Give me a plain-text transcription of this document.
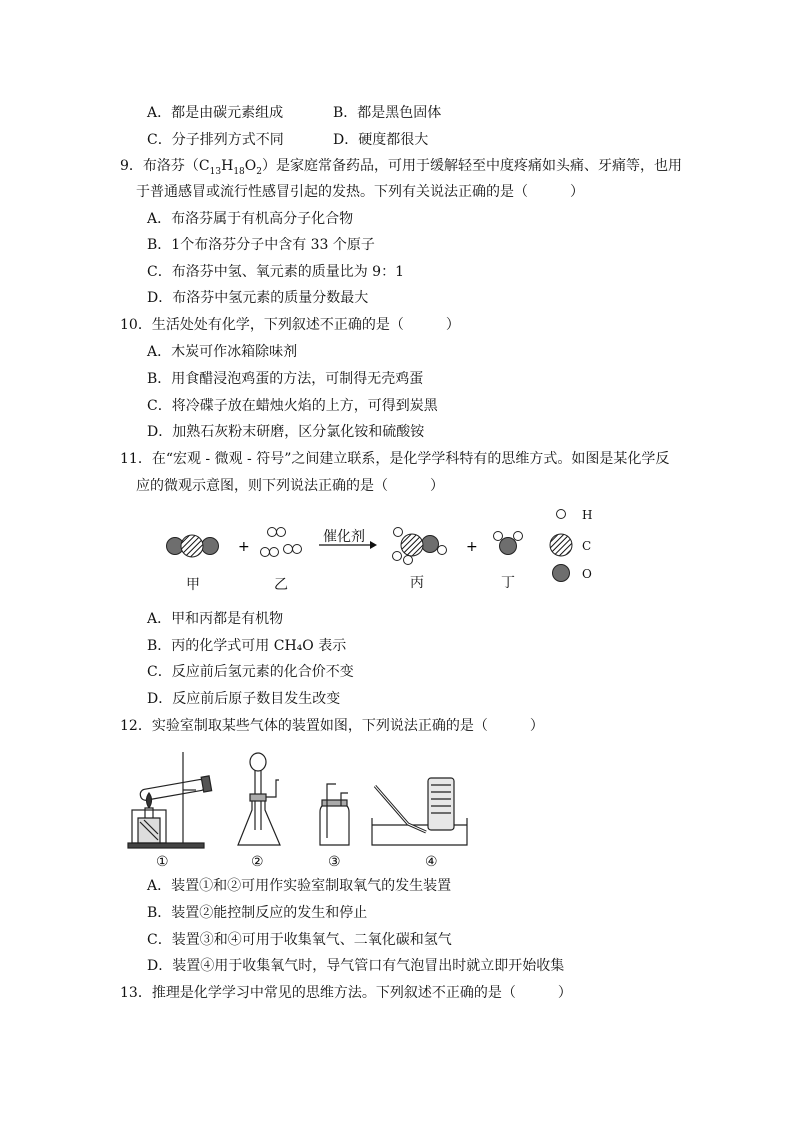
A．都是由碳元素组成	B．都是黑色固体
C．分子排列方式不同	D．硬度都很大
9．布洛芬$(C_{13}H_{18}O_2)$是家庭常备药品，可用于缓解轻至中度疼痛如头痛、牙痛等，也用
于普通感冒或流行性感冒引起的发热。下列有关说法正确的是（　　　）
A．布洛芬属于有机高分子化合物
B．1个布洛芬分子中含有 33 个原子
C．布洛芬中氢、氧元素的质量比为 9：1
D．布洛芬中氢元素的质量分数最大
10．生活处处有化学，下列叙述不正确的是（　　　）
A．木炭可作冰箱除味剂
B．用食醋浸泡鸡蛋的方法，可制得无壳鸡蛋
C．将冷碟子放在蜡烛火焰的上方，可得到炭黑
D．加熟石灰粉末研磨，区分氯化铵和硫酸铵
11．在“宏观 - 微观 - 符号”之间建立联系，是化学学科特有的思维方式。如图是某化学反
应的微观示意图，则下列说法正确的是（　　　）
+	+
催化剂
甲	乙	丙	丁
H
C
O
A．甲和丙都是有机物
B．丙的化学式可用 CH₄O 表示
C．反应前后氢元素的化合价不变
D．反应前后原子数目发生改变
12．实验室制取某些气体的装置如图，下列说法正确的是（　　　）
①	②	③	④
A．装置①和②可用作实验室制取氧气的发生装置
B．装置②能控制反应的发生和停止
C．装置③和④可用于收集氧气、二氧化碳和氢气
D．装置④用于收集氧气时，导气管口有气泡冒出时就立即开始收集
13．推理是化学学习中常见的思维方法。下列叙述不正确的是（　　　）
